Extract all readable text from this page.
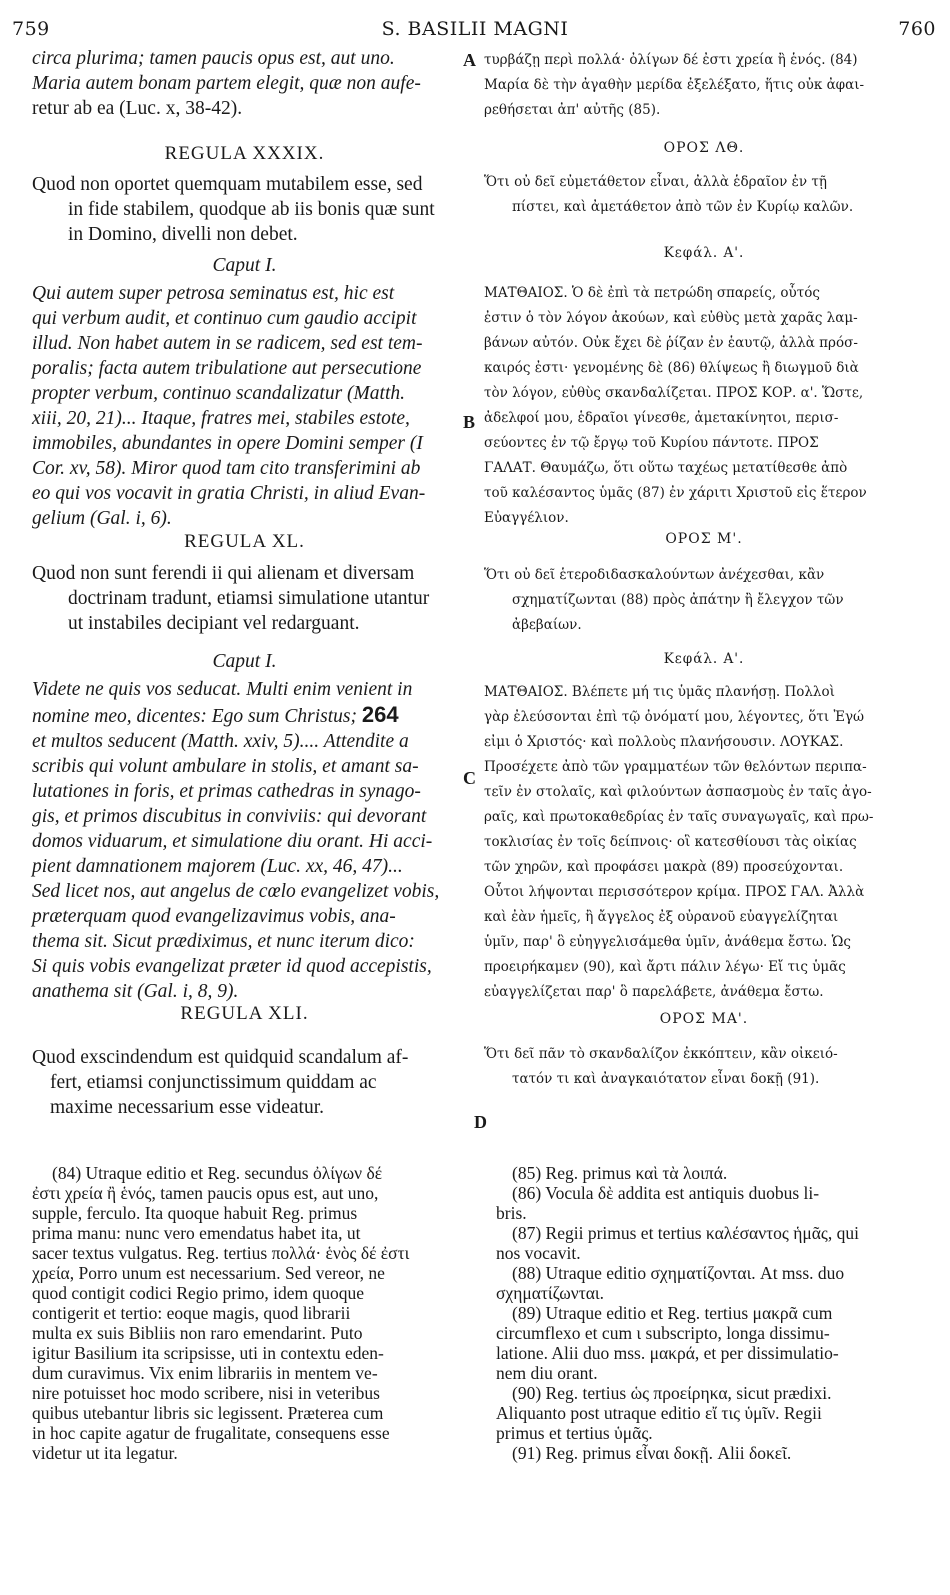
759	S. BASILII MAGNI	760
A
B
C
D
circa plurima; tamen paucis opus est, aut uno.
Maria autem bonam partem elegit, quæ non aufe-
retur ab ea (Luc. x, 38-42).
REGULA XXXIX.
Quod non oportet quemquam mutabilem esse, sed
in fide stabilem, quodque ab iis bonis quæ sunt
in Domino, divelli non debet.
Caput I.
Qui autem super petrosa seminatus est, hic est
qui verbum audit, et continuo cum gaudio accipit
illud. Non habet autem in se radicem, sed est tem-
poralis; facta autem tribulatione aut persecutione
propter verbum, continuo scandalizatur (Matth.
xiii, 20, 21)... Itaque, fratres mei, stabiles estote,
immobiles, abundantes in opere Domini semper (I
Cor. xv, 58). Miror quod tam cito transferimini ab
eo qui vos vocavit in gratia Christi, in aliud Evan-
gelium (Gal. i, 6).
REGULA XL.
Quod non sunt ferendi ii qui alienam et diversam
doctrinam tradunt, etiamsi simulatione utantur
ut instabiles decipiant vel redarguant.
Caput I.
Videte ne quis vos seducat. Multi enim venient in
nomine meo, dicentes: Ego sum Christus; 264
et multos seducent (Matth. xxiv, 5).... Attendite a
scribis qui volunt ambulare in stolis, et amant sa-
lutationes in foris, et primas cathedras in synago-
gis, et primos discubitus in conviviis: qui devorant
domos viduarum, et simulatione diu orant. Hi acci-
pient damnationem majorem (Luc. xx, 46, 47)...
Sed licet nos, aut angelus de cœlo evangelizet vobis,
præterquam quod evangelizavimus vobis, ana-
thema sit. Sicut prædiximus, et nunc iterum dico:
Si quis vobis evangelizat præter id quod accepistis,
anathema sit (Gal. i, 8, 9).
REGULA XLI.
Quod exscindendum est quidquid scandalum af-
fert, etiamsi conjunctissimum quiddam ac
maxime necessarium esse videatur.
τυρβάζῃ περὶ πολλά· ὀλίγων δέ ἐστι χρεία ἢ ἑνός. (84)
Μαρία δὲ τὴν ἀγαθὴν μερίδα ἐξελέξατο, ἥτις οὐκ ἀφαι-
ρεθήσεται ἀπ' αὐτῆς (85).
ΟΡΟΣ ΛΘ.
Ὅτι οὐ δεῖ εὐμετάθετον εἶναι, ἀλλὰ ἑδραῖον ἐν τῇ
πίστει, καὶ ἀμετάθετον ἀπὸ τῶν ἐν Κυρίῳ καλῶν.
Κεφάλ. Α'.
ΜΑΤΘΑΙΟΣ. Ὁ δὲ ἐπὶ τὰ πετρώδη σπαρείς, οὗτός
ἐστιν ὁ τὸν λόγον ἀκούων, καὶ εὐθὺς μετὰ χαρᾶς λαμ-
βάνων αὐτόν. Οὐκ ἔχει δὲ ῥίζαν ἐν ἑαυτῷ, ἀλλὰ πρόσ-
καιρός ἐστι· γενομένης δὲ (86) θλίψεως ἢ διωγμοῦ διὰ
τὸν λόγον, εὐθὺς σκανδαλίζεται. ΠΡΟΣ ΚΟΡ. α'. Ὥστε,
ἀδελφοί μου, ἑδραῖοι γίνεσθε, ἀμετακίνητοι, περισ-
σεύοντες ἐν τῷ ἔργῳ τοῦ Κυρίου πάντοτε. ΠΡΟΣ
ΓΑΛΑΤ. Θαυμάζω, ὅτι οὕτω ταχέως μετατίθεσθε ἀπὸ
τοῦ καλέσαντος ὑμᾶς (87) ἐν χάριτι Χριστοῦ εἰς ἕτερον
Εὐαγγέλιον.
ΟΡΟΣ Μ'.
Ὅτι οὐ δεῖ ἑτεροδιδασκαλούντων ἀνέχεσθαι, κἂν
σχηματίζωνται (88) πρὸς ἀπάτην ἢ ἔλεγχον τῶν
ἀβεβαίων.
Κεφάλ. Α'.
ΜΑΤΘΑΙΟΣ. Βλέπετε μή τις ὑμᾶς πλανήσῃ. Πολλοὶ
γὰρ ἐλεύσονται ἐπὶ τῷ ὀνόματί μου, λέγοντες, ὅτι Ἐγώ
εἰμι ὁ Χριστός· καὶ πολλοὺς πλανήσουσιν. ΛΟΥΚΑΣ.
Προσέχετε ἀπὸ τῶν γραμματέων τῶν θελόντων περιπα-
τεῖν ἐν στολαῖς, καὶ φιλούντων ἀσπασμοὺς ἐν ταῖς ἀγο-
ραῖς, καὶ πρωτοκαθεδρίας ἐν ταῖς συναγωγαῖς, καὶ πρω-
τοκλισίας ἐν τοῖς δείπνοις· οἳ κατεσθίουσι τὰς οἰκίας
τῶν χηρῶν, καὶ προφάσει μακρὰ (89) προσεύχονται.
Οὗτοι λήψονται περισσότερον κρίμα. ΠΡΟΣ ΓΑΛ. Ἀλλὰ
καὶ ἐὰν ἡμεῖς, ἢ ἄγγελος ἐξ οὐρανοῦ εὐαγγελίζηται
ὑμῖν, παρ' ὃ εὐηγγελισάμεθα ὑμῖν, ἀνάθεμα ἔστω. Ὡς
προειρήκαμεν (90), καὶ ἄρτι πάλιν λέγω· Εἴ τις ὑμᾶς
εὐαγγελίζεται παρ' ὃ παρελάβετε, ἀνάθεμα ἔστω.
ΟΡΟΣ ΜΑ'.
Ὅτι δεῖ πᾶν τὸ σκανδαλίζον ἐκκόπτειν, κἂν οἰκειό-
τατόν τι καὶ ἀναγκαιότατον εἶναι δοκῇ (91).
(84) Utraque editio et Reg. secundus ὀλίγων δέ
ἐστι χρεία ἢ ἑνός, tamen paucis opus est, aut uno,
supple, ferculo. Ita quoque habuit Reg. primus
prima manu: nunc vero emendatus habet ita, ut
sacer textus vulgatus. Reg. tertius πολλά· ἑνὸς δέ ἐστι
χρεία, Porro unum est necessarium. Sed vereor, ne
quod contigit codici Regio primo, idem quoque
contigerit et tertio: eoque magis, quod librarii
multa ex suis Bibliis non raro emendarint. Puto
igitur Basilium ita scripsisse, uti in contextu eden-
dum curavimus. Vix enim librariis in mentem ve-
nire potuisset hoc modo scribere, nisi in veteribus
quibus utebantur libris sic legissent. Præterea cum
in hoc capite agatur de frugalitate, consequens esse
videtur ut ita legatur.
(85) Reg. primus καὶ τὰ λοιπά.
(86) Vocula δὲ addita est antiquis duobus li-
bris.
(87) Regii primus et tertius καλέσαντος ἡμᾶς, qui
nos vocavit.
(88) Utraque editio σχηματίζονται. At mss. duo
σχηματίζωνται.
(89) Utraque editio et Reg. tertius μακρᾶ cum
circumflexo et cum ι subscripto, longa dissimu-
latione. Alii duo mss. μακρά, et per dissimulatio-
nem diu orant.
(90) Reg. tertius ὡς προείρηκα, sicut prædixi.
Aliquanto post utraque editio εἴ τις ὑμῖν. Regii
primus et tertius ὑμᾶς.
(91) Reg. primus εἶναι δοκῇ. Alii δοκεῖ.
